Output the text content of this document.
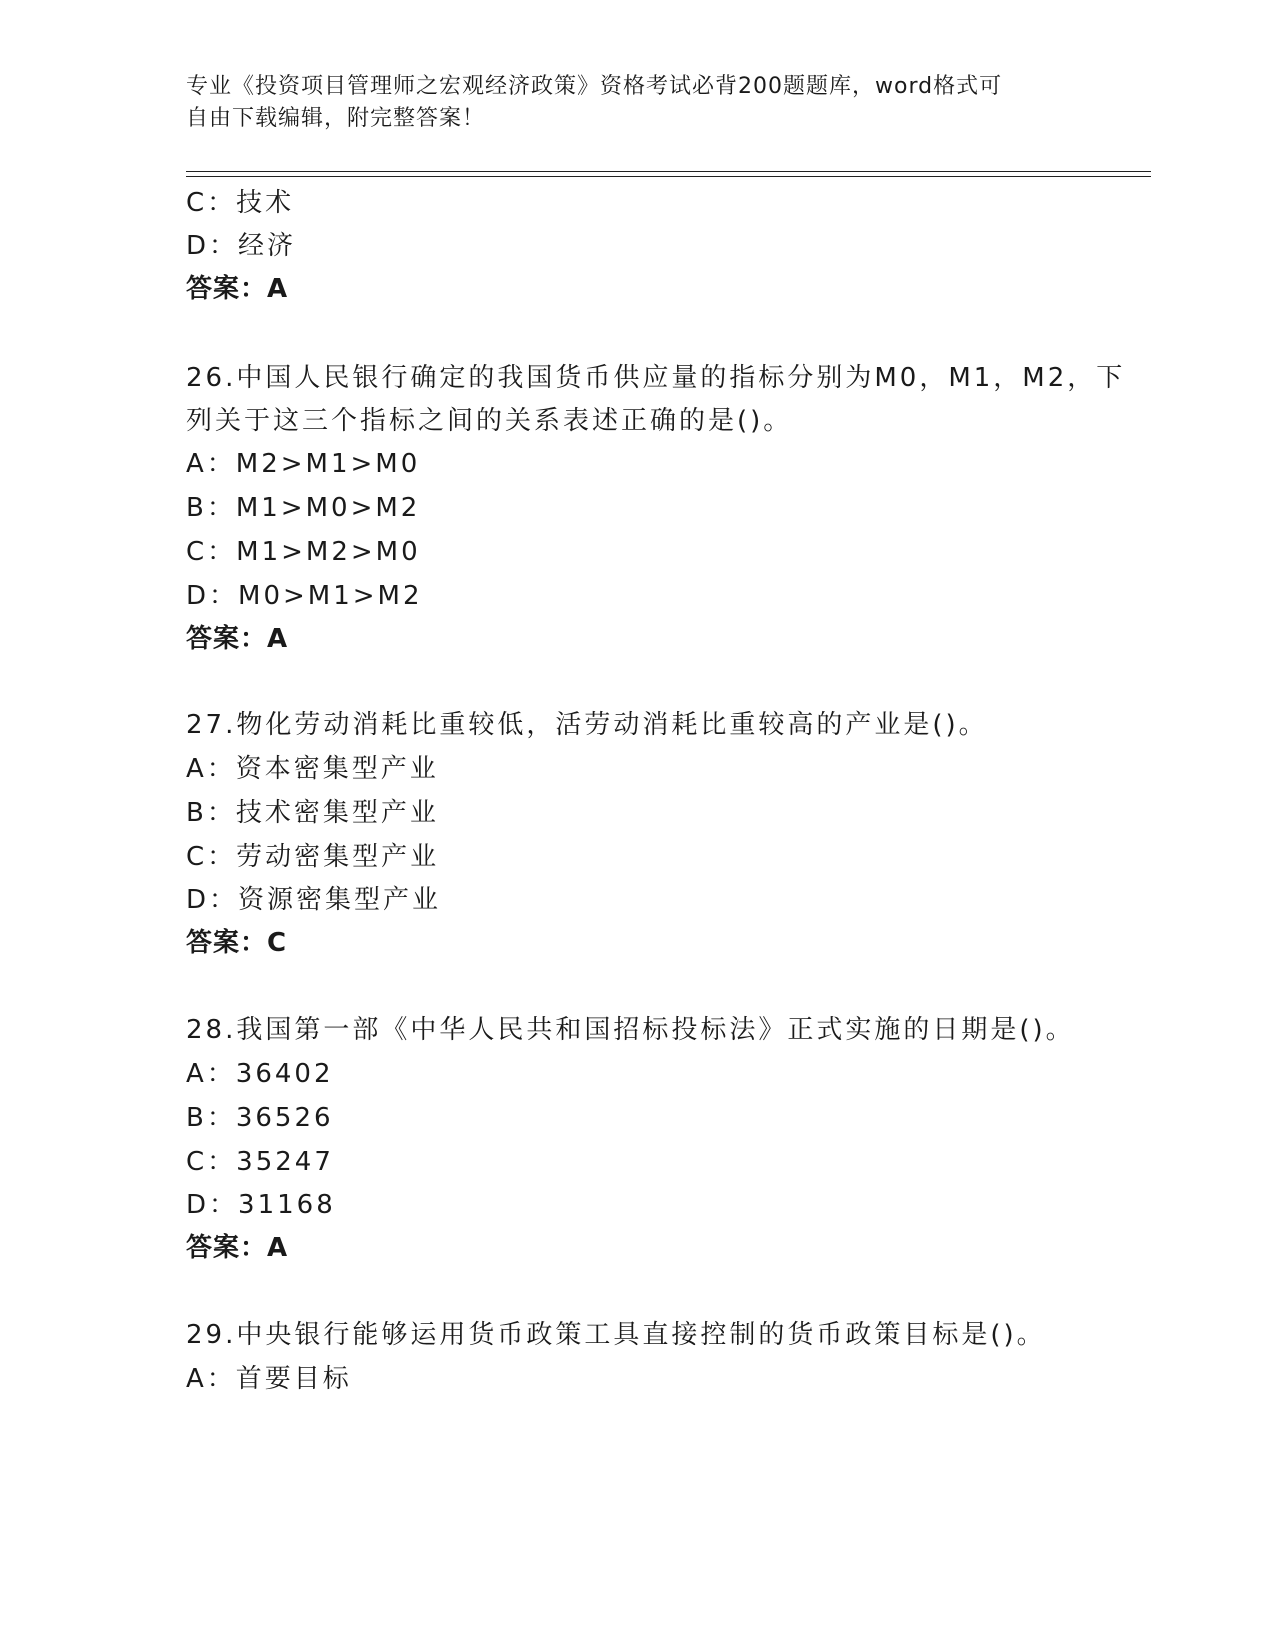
专业《投资项目管理师之宏观经济政策》资格考试必背200题题库，word格式可
自由下载编辑，附完整答案！
C：技术
D：经济
答案：A
26.中国人民银行确定的我国货币供应量的指标分别为M0，M1，M2，下
列关于这三个指标之间的关系表述正确的是()。
A：M2>M1>M0
B：M1>M0>M2
C：M1>M2>M0
D：M0>M1>M2
答案：A
27.物化劳动消耗比重较低，活劳动消耗比重较高的产业是()。
A：资本密集型产业
B：技术密集型产业
C：劳动密集型产业
D：资源密集型产业
答案：C
28.我国第一部《中华人民共和国招标投标法》正式实施的日期是()。
A：36402
B：36526
C：35247
D：31168
答案：A
29.中央银行能够运用货币政策工具直接控制的货币政策目标是()。
A：首要目标
